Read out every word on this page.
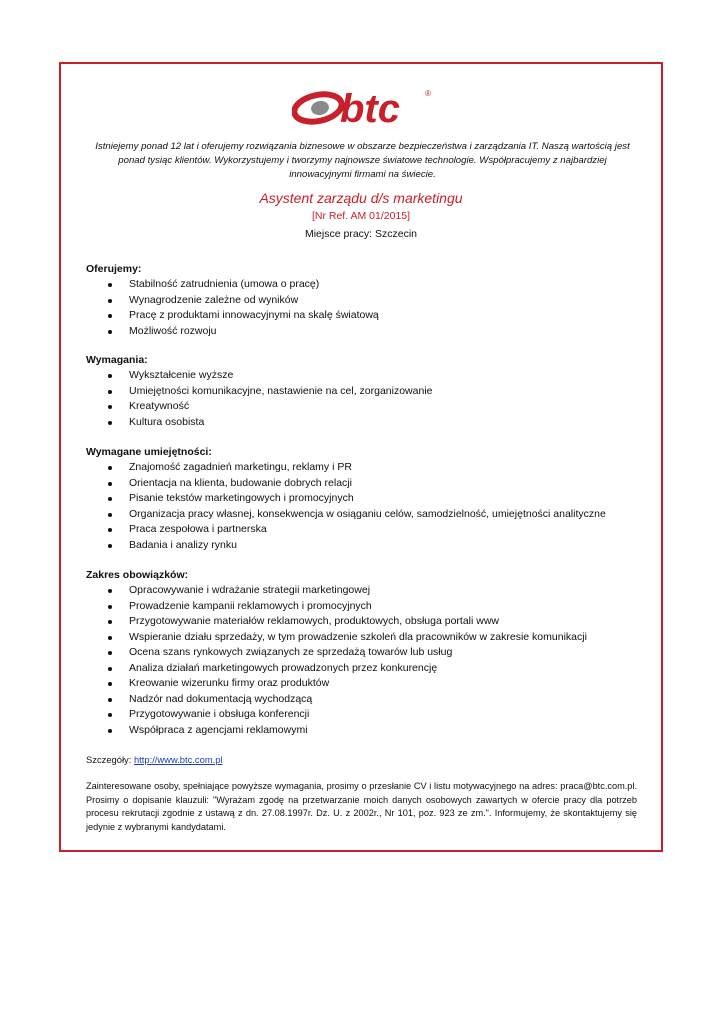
btc	®
Istniejemy ponad 12 lat i oferujemy rozwiązania biznesowe w obszarze bezpieczeństwa i zarządzania IT. Naszą wartością jest ponad tysiąc klientów. Wykorzystujemy i tworzymy najnowsze światowe technologie. Współpracujemy z najbardziej innowacyjnymi firmami na świecie.
Asystent zarządu d/s marketingu
[Nr Ref. AM 01/2015]
Miejsce pracy: Szczecin
Oferujemy:
Stabilność zatrudnienia (umowa o pracę)
Wynagrodzenie zależne od wyników
Pracę z produktami innowacyjnymi na skalę światową
Możliwość rozwoju
Wymagania:
Wykształcenie wyższe
Umiejętności komunikacyjne, nastawienie na cel, zorganizowanie
Kreatywność
Kultura osobista
Wymagane umiejętności:
Znajomość zagadnień marketingu, reklamy i PR
Orientacja na klienta, budowanie dobrych relacji
Pisanie tekstów marketingowych i promocyjnych
Organizacja pracy własnej, konsekwencja w osiąganiu celów, samodzielność, umiejętności analityczne
Praca zespołowa i partnerska
Badania i analizy rynku
Zakres obowiązków:
Opracowywanie i wdrażanie strategii marketingowej
Prowadzenie kampanii reklamowych i promocyjnych
Przygotowywanie materiałów reklamowych, produktowych, obsługa portali www
Wspieranie działu sprzedaży, w tym prowadzenie szkoleń dla pracowników w zakresie komunikacji
Ocena szans rynkowych związanych ze sprzedażą towarów lub usług
Analiza działań marketingowych prowadzonych przez konkurencję
Kreowanie wizerunku firmy oraz produktów
Nadzór nad dokumentacją wychodzącą
Przygotowywanie i obsługa konferencji
Współpraca z agencjami reklamowymi
Szczegóły: http://www.btc.com.pl
Zainteresowane osoby, spełniające powyższe wymagania, prosimy o przesłanie CV i listu motywacyjnego na adres: praca@btc.com.pl. Prosimy o dopisanie klauzuli: "Wyrażam zgodę na przetwarzanie moich danych osobowych zawartych w ofercie pracy dla potrzeb procesu rekrutacji zgodnie z ustawą z dn. 27.08.1997r. Dz. U. z 2002r., Nr 101, poz. 923 ze zm.". Informujemy, że skontaktujemy się jedynie z wybranymi kandydatami.
